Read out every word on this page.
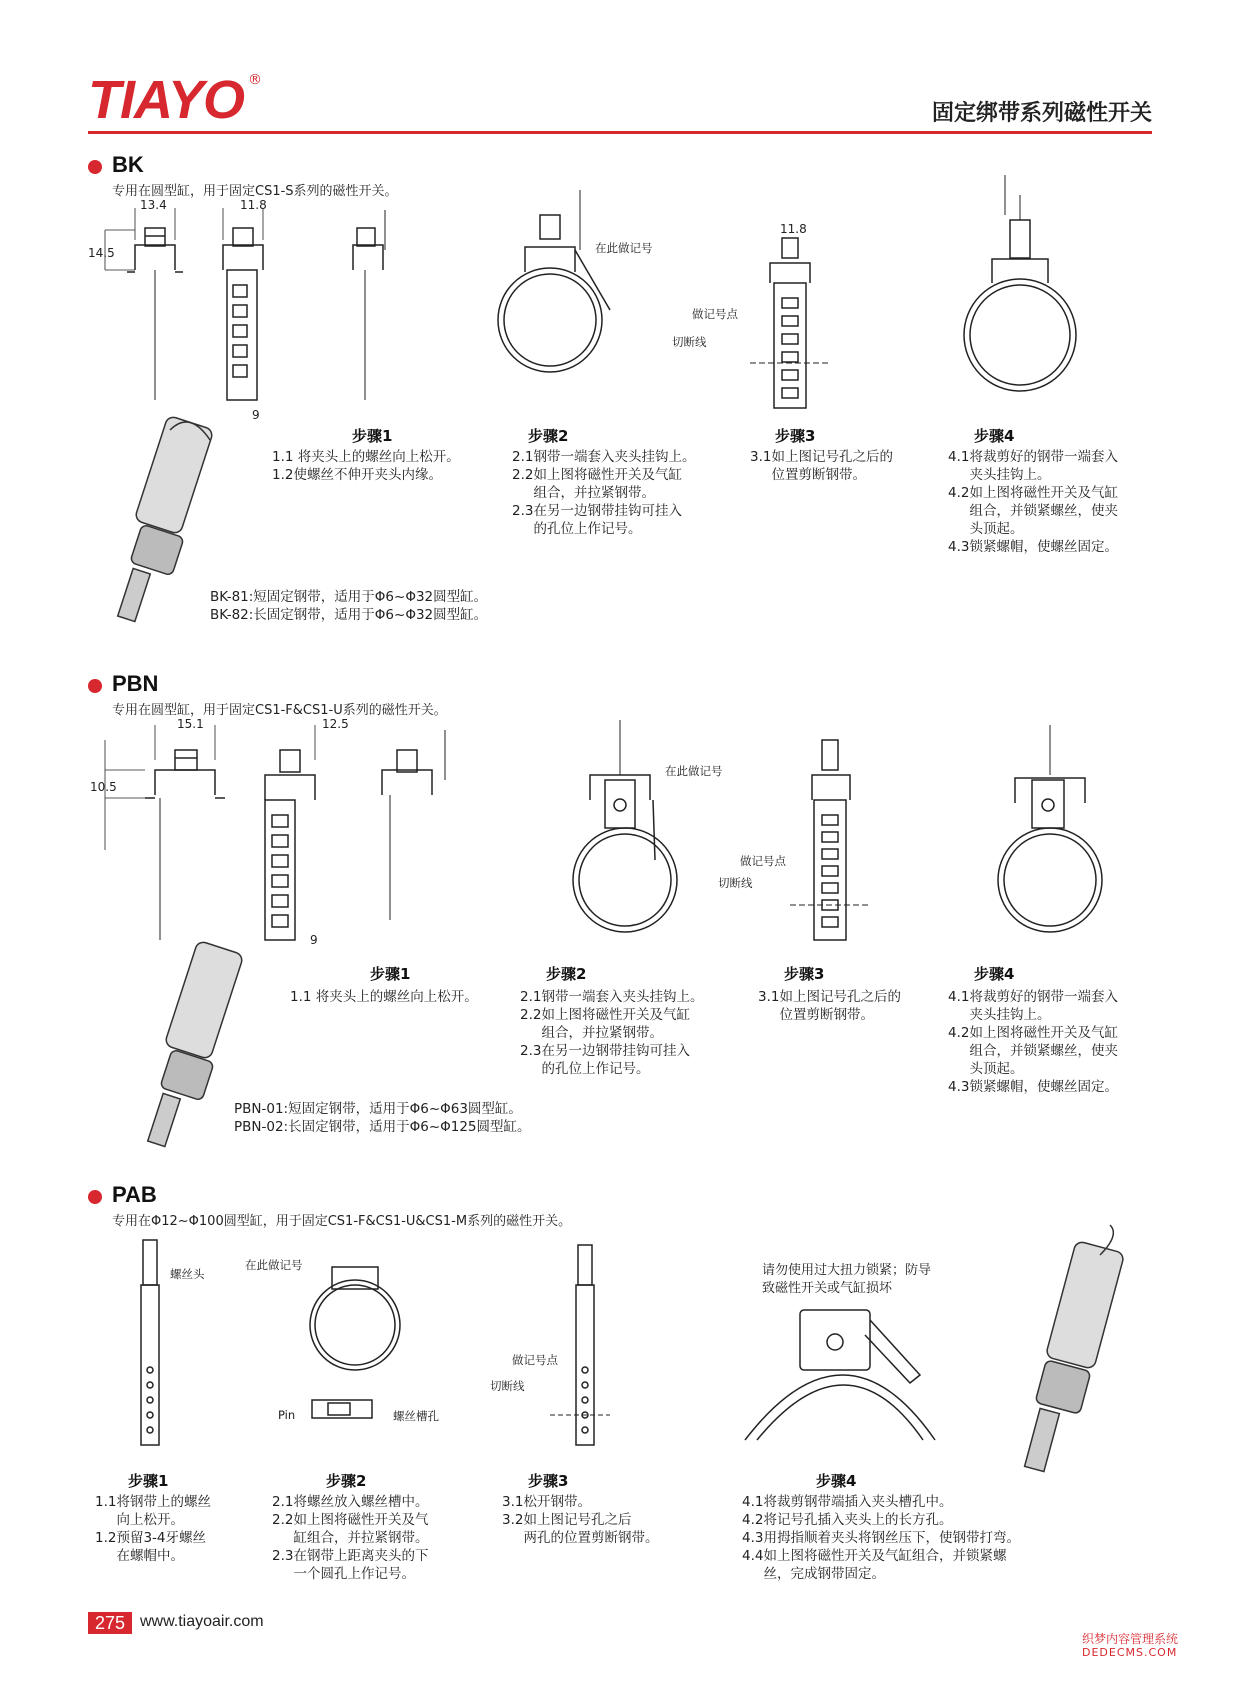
TIAYO ®
固定绑带系列磁性开关
BK
专用在圆型缸，用于固定CS1-S系列的磁性开关。
13.4	11.8
14.5
9
在此做记号
11.8
做记号点
切断线
步骤1
1.1 将夹头上的螺丝向上松开。
1.2使螺丝不伸开夹头内缘。
步骤2
2.1钢带一端套入夹头挂钩上。
2.2如上图将磁性开关及气缸
组合，并拉紧钢带。
2.3在另一边钢带挂钩可挂入
的孔位上作记号。
步骤3
3.1如上图记号孔之后的
位置剪断钢带。
步骤4
4.1将裁剪好的钢带一端套入
夹头挂钩上。
4.2如上图将磁性开关及气缸
组合，并锁紧螺丝，使夹
头顶起。
4.3锁紧螺帽，使螺丝固定。
BK-81:短固定钢带，适用于Φ6~Φ32圆型缸。
BK-82:长固定钢带，适用于Φ6~Φ32圆型缸。
PBN
专用在圆型缸，用于固定CS1-F&CS1-U系列的磁性开关。
15.1	12.5
10.5
9
在此做记号
做记号点
切断线
步骤1
1.1 将夹头上的螺丝向上松开。
步骤2
2.1钢带一端套入夹头挂钩上。
2.2如上图将磁性开关及气缸
组合，并拉紧钢带。
2.3在另一边钢带挂钩可挂入
的孔位上作记号。
步骤3
3.1如上图记号孔之后的
位置剪断钢带。
步骤4
4.1将裁剪好的钢带一端套入
夹头挂钩上。
4.2如上图将磁性开关及气缸
组合，并锁紧螺丝，使夹
头顶起。
4.3锁紧螺帽，使螺丝固定。
PBN-01:短固定钢带，适用于Φ6~Φ63圆型缸。
PBN-02:长固定钢带，适用于Φ6~Φ125圆型缸。
PAB
专用在Φ12~Φ100圆型缸，用于固定CS1-F&CS1-U&CS1-M系列的磁性开关。
螺丝头
在此做记号
Pin	螺丝槽孔
做记号点
切断线
请勿使用过大扭力锁紧；防导
致磁性开关或气缸损坏
步骤1
1.1将钢带上的螺丝
向上松开。
1.2预留3-4牙螺丝
在螺帽中。
步骤2
2.1将螺丝放入螺丝槽中。
2.2如上图将磁性开关及气
缸组合，并拉紧钢带。
2.3在钢带上距离夹头的下
一个圆孔上作记号。
步骤3
3.1松开钢带。
3.2如上图记号孔之后
两孔的位置剪断钢带。
步骤4
4.1将裁剪钢带端插入夹头槽孔中。
4.2将记号孔插入夹头上的长方孔。
4.3用拇指顺着夹头将钢丝压下，使钢带打弯。
4.4如上图将磁性开关及气缸组合，并锁紧螺
丝，完成钢带固定。
275 www.tiayoair.com
织梦内容管理系统
DEDECMS.COM
